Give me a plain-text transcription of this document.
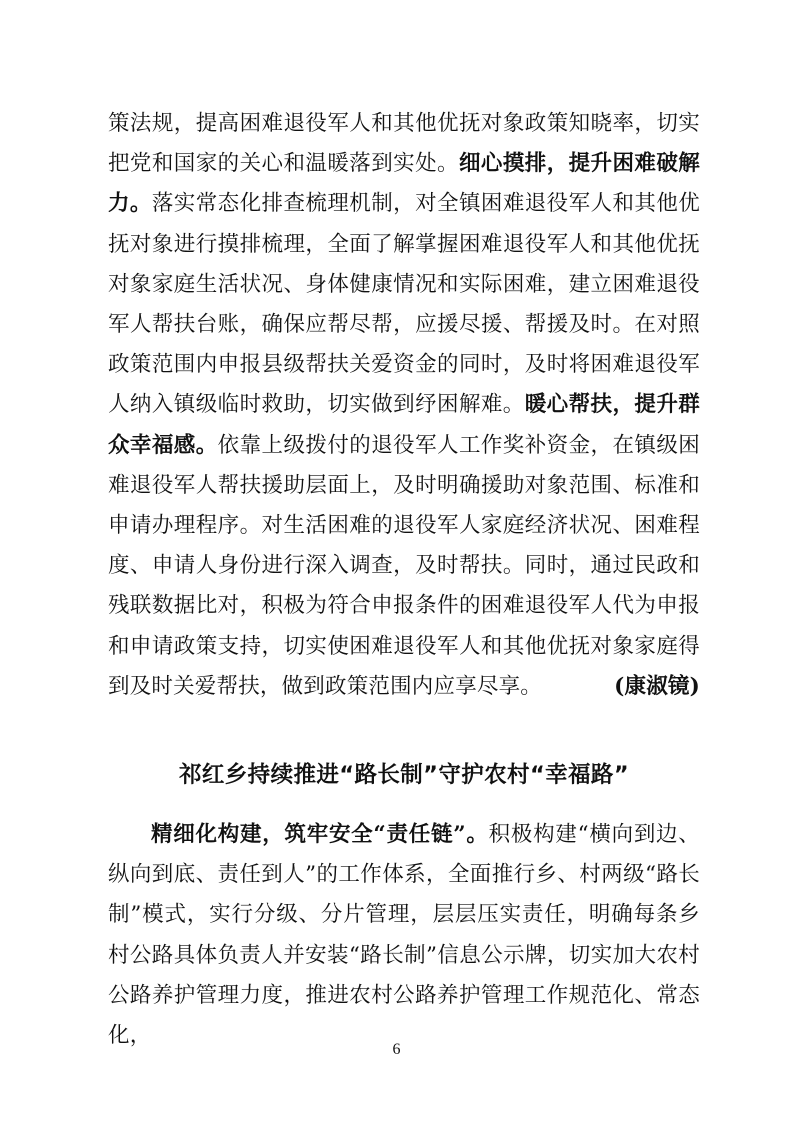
策法规，提高困难退役军人和其他优抚对象政策知晓率，切实把党和国家的关心和温暖落到实处。细心摸排，提升困难破解力。落实常态化排查梳理机制，对全镇困难退役军人和其他优抚对象进行摸排梳理，全面了解掌握困难退役军人和其他优抚对象家庭生活状况、身体健康情况和实际困难，建立困难退役军人帮扶台账，确保应帮尽帮，应援尽援、帮援及时。在对照政策范围内申报县级帮扶关爱资金的同时，及时将困难退役军人纳入镇级临时救助，切实做到纾困解难。暖心帮扶，提升群众幸福感。依靠上级拨付的退役军人工作奖补资金，在镇级困难退役军人帮扶援助层面上，及时明确援助对象范围、标准和申请办理程序。对生活困难的退役军人家庭经济状况、困难程度、申请人身份进行深入调查，及时帮扶。同时，通过民政和残联数据比对，积极为符合申报条件的困难退役军人代为申报和申请政策支持，切实使困难退役军人和其他优抚对象家庭得到及时关爱帮扶，做到政策范围内应享尽享。	(康淑镜)

祁红乡持续推进“路长制”守护农村“幸福路”

精细化构建，筑牢安全“责任链”。积极构建“横向到边、纵向到底、责任到人”的工作体系，全面推行乡、村两级“路长制”模式，实行分级、分片管理，层层压实责任，明确每条乡村公路具体负责人并安装“路长制”信息公示牌，切实加大农村公路养护管理力度，推进农村公路养护管理工作规范化、常态化，

6
